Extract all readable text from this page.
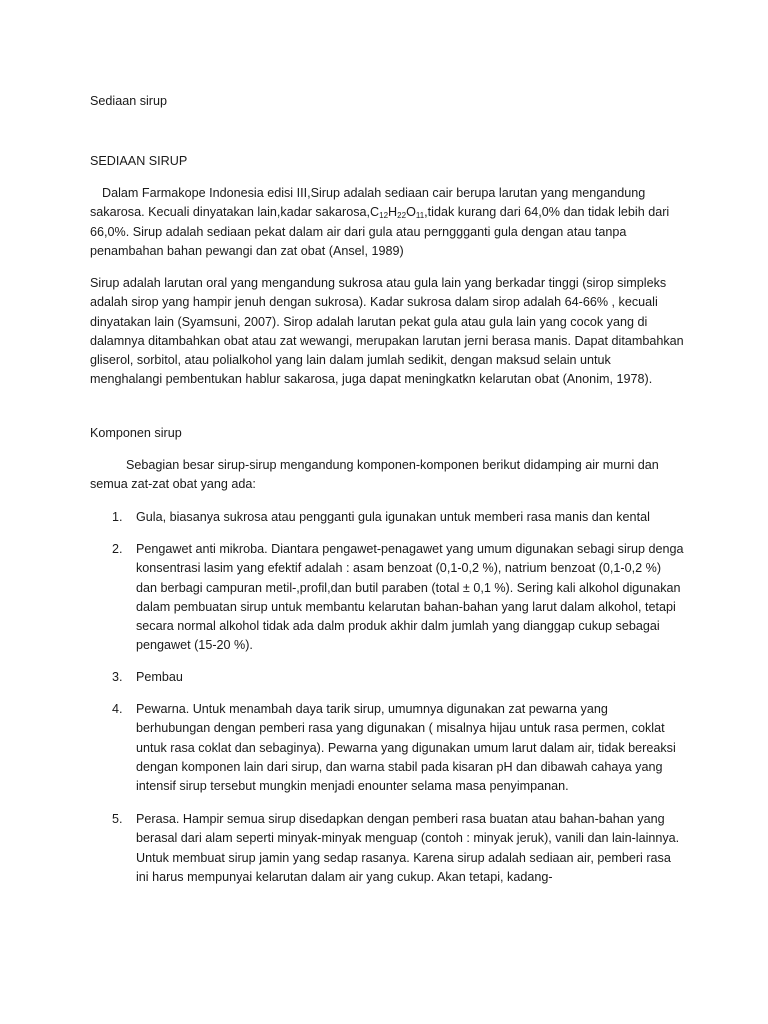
Sediaan sirup
SEDIAAN SIRUP

Dalam Farmakope Indonesia edisi III,Sirup adalah sediaan cair berupa larutan yang mengandung
sakarosa. Kecuali dinyatakan lain,kadar $sakarosa,C_{12}H_{22}O_{11},tidak$ kurang dari 64,0% dan tidak lebih dari 66,0%. Sirup adalah sediaan pekat dalam air dari gula atau pernggganti gula dengan atau tanpa penambahan bahan pewangi dan zat obat (Ansel, 1989)

Sirup adalah larutan oral yang mengandung sukrosa atau gula lain yang berkadar tinggi (sirop simpleks adalah sirop yang hampir jenuh dengan sukrosa). Kadar sukrosa dalam sirop adalah 64-66% , kecuali dinyatakan lain (Syamsuni, 2007). Sirop adalah larutan pekat gula atau gula lain yang cocok yang di dalamnya ditambahkan obat atau zat wewangi, merupakan larutan jerni berasa manis. Dapat ditambahkan gliserol, sorbitol, atau polialkohol yang lain dalam jumlah sedikit, dengan maksud selain untuk menghalangi pembentukan hablur sakarosa, juga dapat meningkatkn kelarutan obat (Anonim, 1978).

Komponen sirup

Sebagian besar sirup-sirup mengandung komponen-komponen berikut didamping air murni dan semua zat-zat obat yang ada:

1. Gula, biasanya sukrosa atau pengganti gula igunakan untuk memberi rasa manis dan kental
2. Pengawet anti mikroba. Diantara pengawet-penagawet yang umum digunakan sebagi sirup denga konsentrasi lasim yang efektif adalah : asam benzoat (0,1-0,2 %), natrium benzoat (0,1-0,2 %) dan berbagi campuran metil-,profil,dan butil paraben (total ± 0,1 %). Sering kali alkohol digunakan dalam pembuatan sirup untuk membantu kelarutan bahan-bahan yang larut dalam alkohol, tetapi secara normal alkohol tidak ada dalm produk akhir dalm jumlah yang dianggap cukup sebagai pengawet (15-20 %).
3. Pembau
4. Pewarna. Untuk menambah daya tarik sirup, umumnya digunakan zat pewarna yang berhubungan dengan pemberi rasa yang digunakan ( misalnya hijau untuk rasa permen, coklat untuk rasa coklat dan sebaginya). Pewarna yang digunakan umum larut dalam air, tidak bereaksi dengan komponen lain dari sirup, dan warna stabil pada kisaran pH dan dibawah cahaya yang intensif sirup tersebut mungkin menjadi enounter selama masa penyimpanan.
5. Perasa. Hampir semua sirup disedapkan dengan pemberi rasa buatan atau bahan-bahan yang berasal dari alam seperti minyak-minyak menguap (contoh : minyak jeruk), vanili dan lain-lainnya. Untuk membuat sirup jamin yang sedap rasanya. Karena sirup adalah sediaan air, pemberi rasa ini harus mempunyai kelarutan dalam air yang cukup. Akan tetapi, kadang-
